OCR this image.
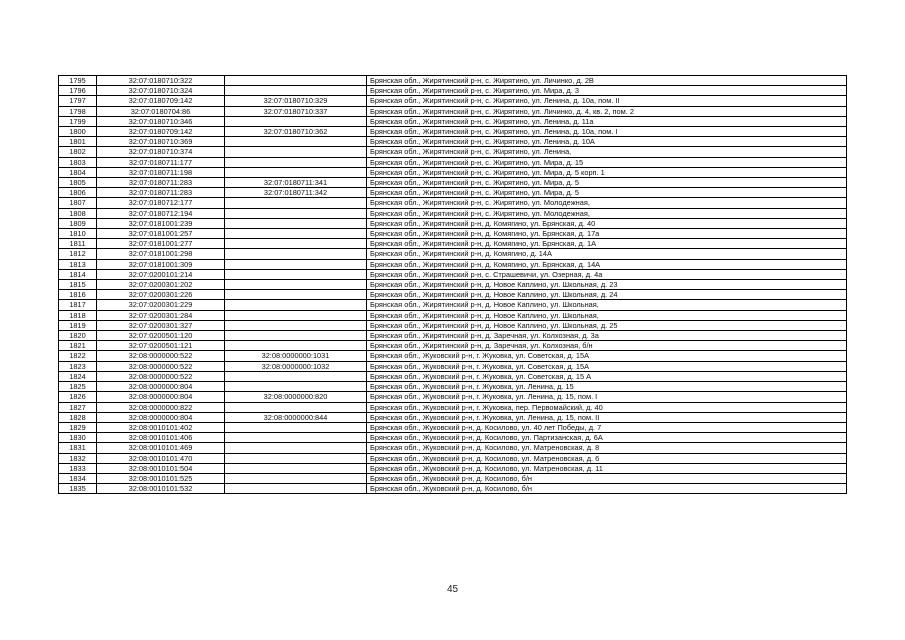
1795	32:07:0180710:322		Брянская обл., Жирятинский р-н, с. Жирятино, ул. Личинко, д. 2В
1796	32:07:0180710:324		Брянская обл., Жирятинский р-н, с. Жирятино, ул. Мира, д. 3
1797	32:07:0180709:142	32:07:0180710:329	Брянская обл., Жирятинский р-н, с. Жирятино, ул. Ленина, д. 10а, пом. II
1798	32:07:0180704:86	32:07:0180710:337	Брянская обл., Жирятинский р-н, с. Жирятино, ул. Личинко, д. 4, кв. 2, пом. 2
1799	32:07:0180710:346		Брянская обл., Жирятинский р-н, с. Жирятино, ул. Ленина, д. 11а
1800	32:07:0180709:142	32:07:0180710:362	Брянская обл., Жирятинский р-н, с. Жирятино, ул. Ленина, д. 10а, пом. I
1801	32:07:0180710:369		Брянская обл., Жирятинский р-н, с. Жирятино, ул. Ленина, д. 10А
1802	32:07:0180710:374		Брянская обл., Жирятинский р-н, с. Жирятино, ул. Ленина,
1803	32:07:0180711:177		Брянская обл., Жирятинский р-н, с. Жирятино, ул. Мира, д. 15
1804	32:07:0180711:198		Брянская обл., Жирятинский р-н, с. Жирятино, ул. Мира, д. 5 корп. 1
1805	32:07:0180711:283	32:07:0180711:341	Брянская обл., Жирятинский р-н, с. Жирятино, ул. Мира, д. 5
1806	32:07:0180711:283	32:07:0180711:342	Брянская обл., Жирятинский р-н, с. Жирятино, ул. Мира, д. 5
1807	32:07:0180712:177		Брянская обл., Жирятинский р-н, с. Жирятино, ул. Молодежная,
1808	32:07:0180712:194		Брянская обл., Жирятинский р-н, с. Жирятино, ул. Молодежная,
1809	32:07:0181001:239		Брянская обл., Жирятинский р-н, д. Комягино, ул. Брянская, д. 40
1810	32:07:0181001:257		Брянская обл., Жирятинский р-н, д. Комягино, ул. Брянская, д. 17а
1811	32:07:0181001:277		Брянская обл., Жирятинский р-н, д. Комягино, ул. Брянская, д. 1А
1812	32:07:0181001:298		Брянская обл., Жирятинский р-н, д. Комягино, д. 14А
1813	32:07:0181001:309		Брянская обл., Жирятинский р-н, д. Комягино, ул. Брянская, д. 14А
1814	32:07:0200101:214		Брянская обл., Жирятинский р-н, с. Страшевичи, ул. Озерная, д. 4а
1815	32:07:0200301:202		Брянская обл., Жирятинский р-н, д. Новое Каплино, ул. Школьная, д. 23
1816	32:07:0200301:226		Брянская обл., Жирятинский р-н, д. Новое Каплино, ул. Школьная, д. 24
1817	32:07:0200301:229		Брянская обл., Жирятинский р-н, д. Новое Каплино, ул. Школьная,
1818	32:07:0200301:284		Брянская обл., Жирятинский р-н, д. Новое Каплино, ул. Школьная,
1819	32:07:0200301:327		Брянская обл., Жирятинский р-н, д. Новое Каплино, ул. Школьная, д. 25
1820	32:07:0200501:120		Брянская обл., Жирятинский р-н, д. Заречная, ул. Колхозная, д. 3а
1821	32:07:0200501:121		Брянская обл., Жирятинский р-н, д. Заречная, ул. Колхозная, б/н
1822	32:08:0000000:522	32:08:0000000:1031	Брянская обл., Жуковский р-н, г. Жуковка, ул. Советская, д. 15А
1823	32:08:0000000:522	32:08:0000000:1032	Брянская обл., Жуковский р-н, г. Жуковка, ул. Советская, д. 15А
1824	32:08:0000000:522		Брянская обл., Жуковский р-н, г. Жуковка, ул. Советская, д. 15 А
1825	32:08:0000000:804		Брянская обл., Жуковский р-н, г. Жуковка, ул. Ленина, д. 15
1826	32:08:0000000:804	32:08:0000000:820	Брянская обл., Жуковский р-н, г. Жуковка, ул. Ленина, д. 15, пом. I
1827	32:08:0000000:822		Брянская обл., Жуковский р-н, г. Жуковка, пер. Первомайский, д. 40
1828	32:08:0000000:804	32:08:0000000:844	Брянская обл., Жуковский р-н, г. Жуковка, ул. Ленина, д. 15, пом. II
1829	32:08:0010101:402		Брянская обл., Жуковский р-н, д. Косилово, ул. 40 лет Победы, д. 7
1830	32:08:0010101:406		Брянская обл., Жуковский р-н, д. Косилово, ул. Партизанская, д. 6А
1831	32:08:0010101:469		Брянская обл., Жуковский р-н, д. Косилово, ул. Матреновская, д. 8
1832	32:08:0010101:470		Брянская обл., Жуковский р-н, д. Косилово, ул. Матреновская, д. 6
1833	32:08:0010101:504		Брянская обл., Жуковский р-н, д. Косилово, ул. Матреновская, д. 11
1834	32:08:0010101:525		Брянская обл., Жуковский р-н, д. Косилово, б/н
1835	32:08:0010101:532		Брянская обл., Жуковский р-н, д. Косилово, б/н
45
